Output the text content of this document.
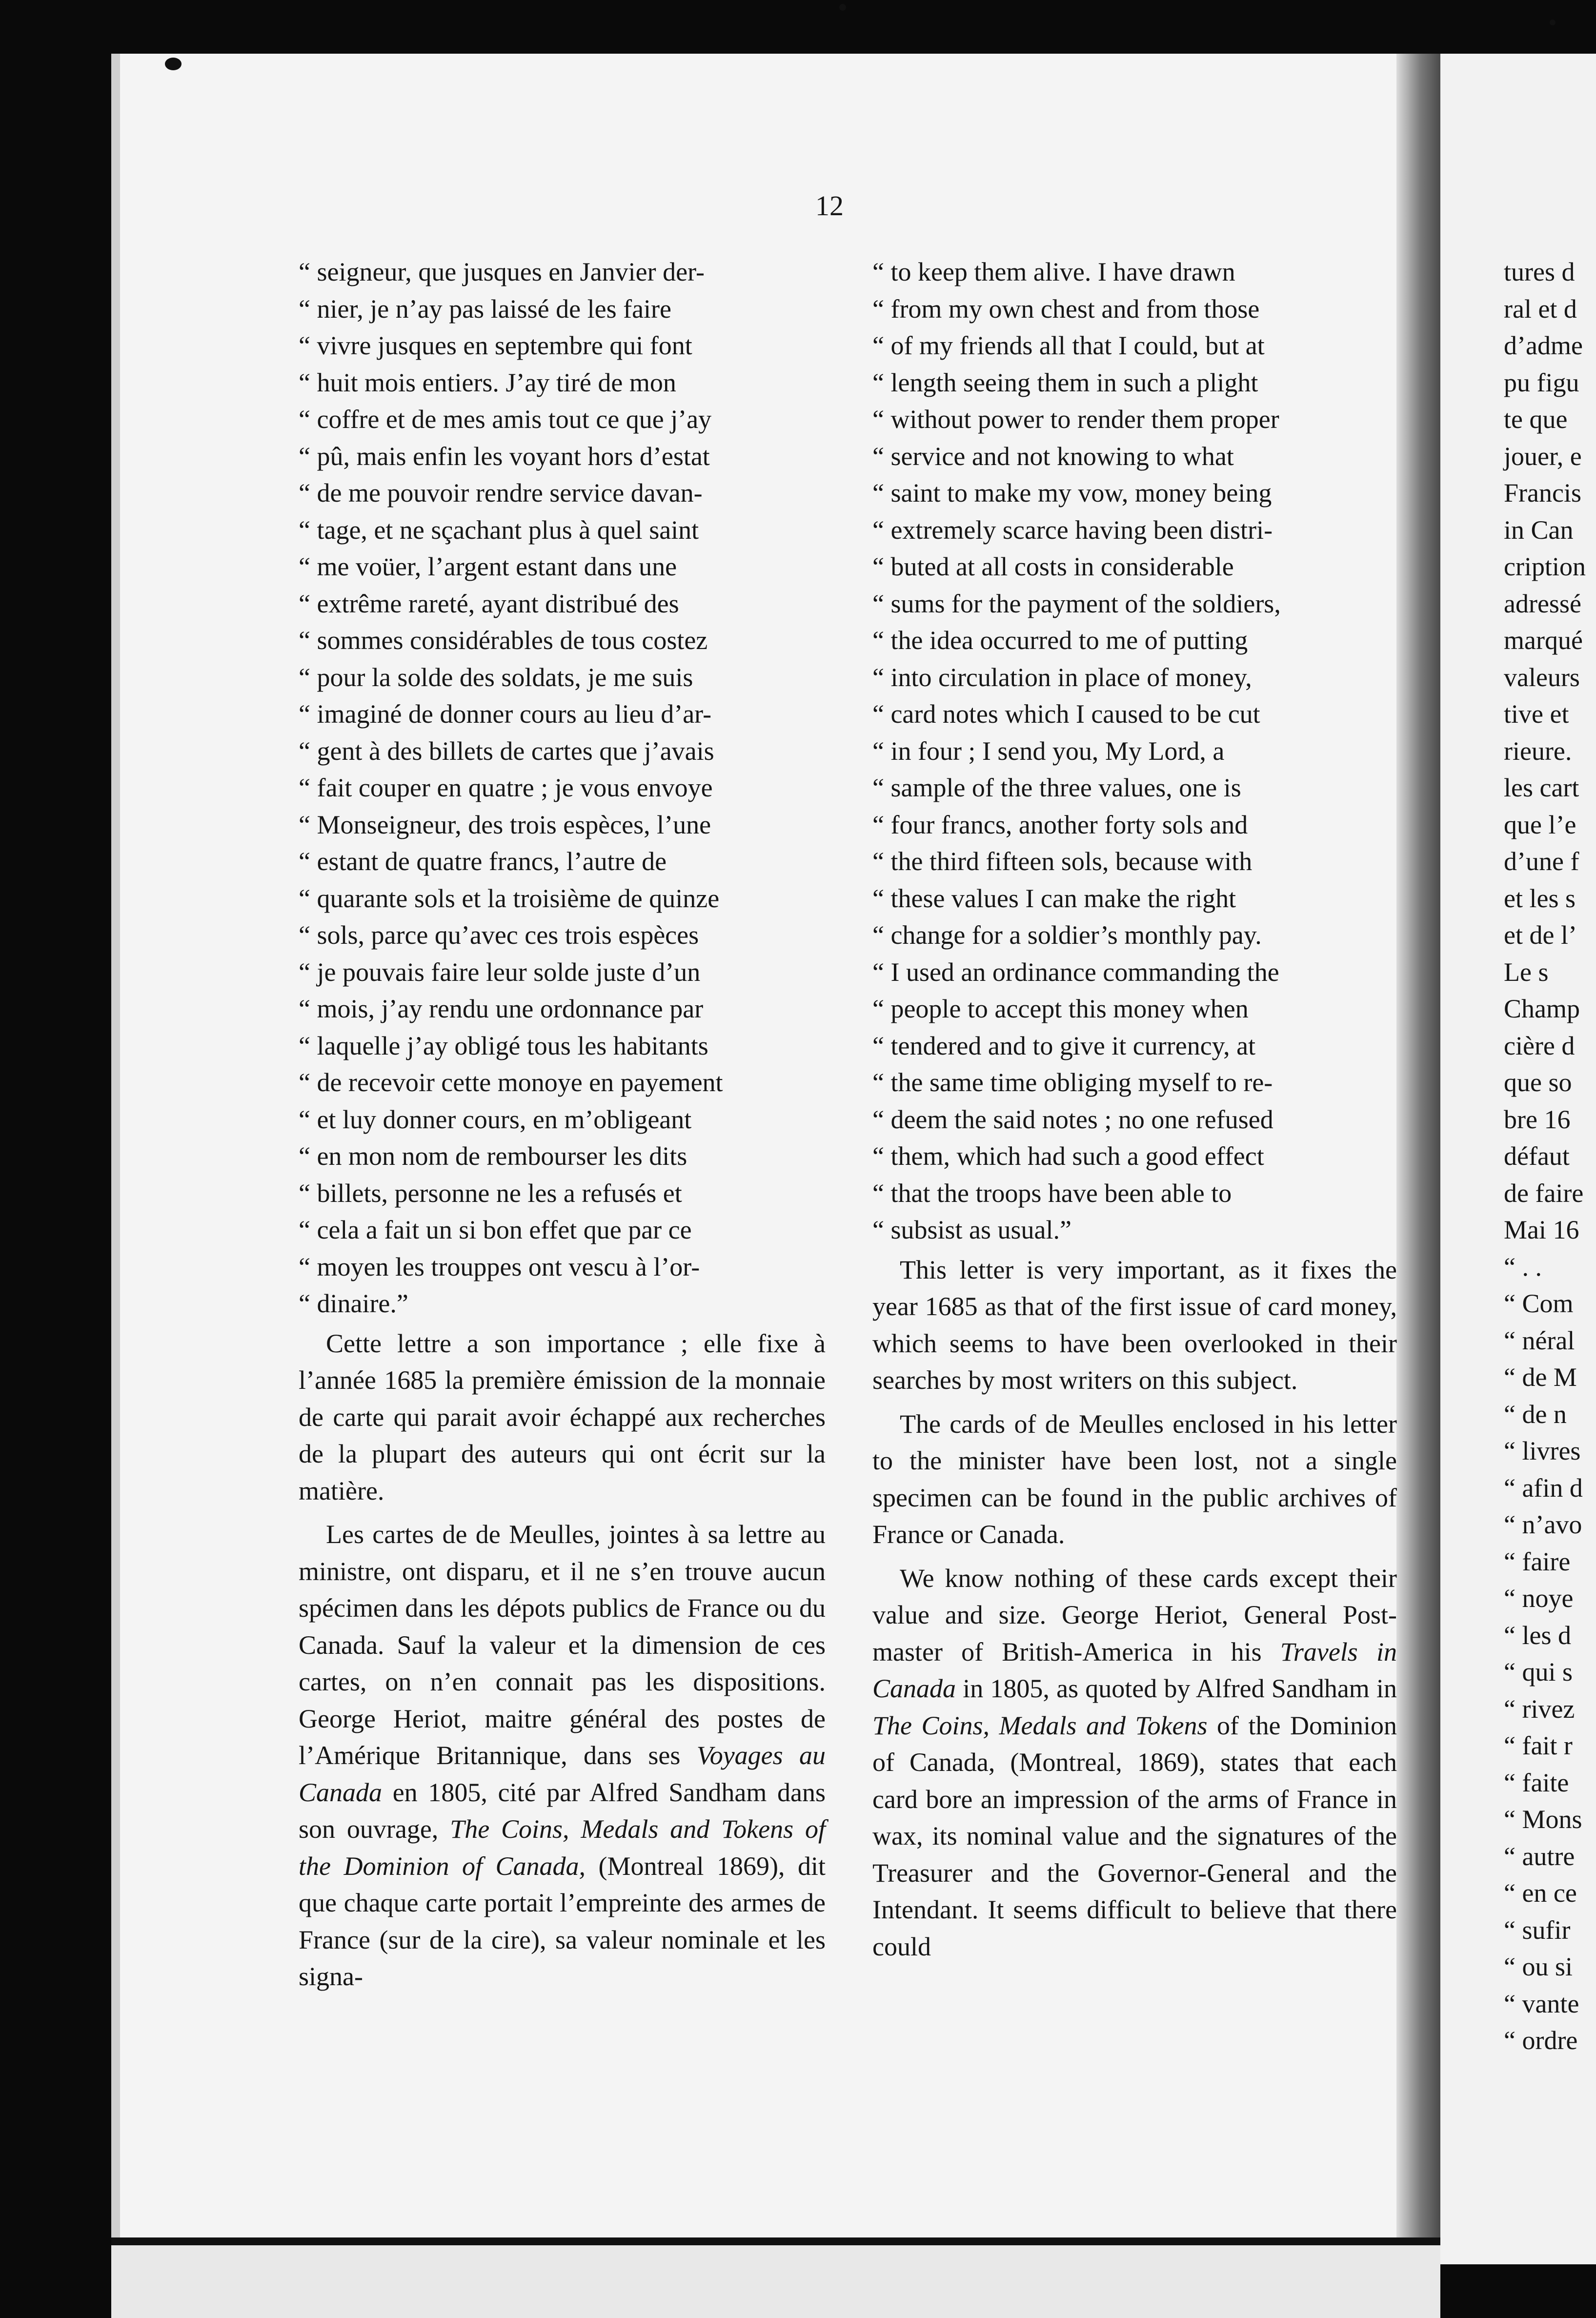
tures d
ral et d
d’adme
pu figu
te que
jouer, e
Francis
in Can
cription
adressé
marqué
valeurs
tive et
rieure.
les cart
que l’e
d’une f
et les s
et de l’
Le s
Champ
cière d
que so
bre 16
défaut
de faire
Mai 16
“ . .
“ Com
“ néral
“ de M
“ de n
“ livres
“ afin d
“ n’avo
“ faire
“ noye
“ les d
“ qui s
“ rivez
“ fait r
“ faite
“ Mons
“ autre
“ en ce
“ sufir
“ ou si
“ vante
“ ordre
12
“ seigneur, que jusques en Janvier der-
“ nier, je n’ay pas laissé de les faire
“ vivre jusques en septembre qui font
“ huit mois entiers. J’ay tiré de mon
“ coffre et de mes amis tout ce que j’ay
“ pû, mais enfin les voyant hors d’estat
“ de me pouvoir rendre service davan-
“ tage, et ne sçachant plus à quel saint
“ me voüer, l’argent estant dans une
“ extrême rareté, ayant distribué des
“ sommes considérables de tous costez
“ pour la solde des soldats, je me suis
“ imaginé de donner cours au lieu d’ar-
“ gent à des billets de cartes que j’avais
“ fait couper en quatre ; je vous envoye
“ Monseigneur, des trois espèces, l’une
“ estant de quatre francs, l’autre de
“ quarante sols et la troisième de quinze
“ sols, parce qu’avec ces trois espèces
“ je pouvais faire leur solde juste d’un
“ mois, j’ay rendu une ordonnance par
“ laquelle j’ay obligé tous les habitants
“ de recevoir cette monoye en payement
“ et luy donner cours, en m’obligeant
“ en mon nom de rembourser les dits
“ billets, personne ne les a refusés et
“ cela a fait un si bon effet que par ce
“ moyen les trouppes ont vescu à l’or-
“ dinaire.”

Cette lettre a son importance ; elle fixe à l’année 1685 la première émission de la monnaie de carte qui parait avoir échappé aux recherches de la plupart des auteurs qui ont écrit sur la matière.

Les cartes de de Meulles, jointes à sa lettre au ministre, ont disparu, et il ne s’en trouve aucun spécimen dans les dépots publics de France ou du Canada. Sauf la valeur et la dimension de ces cartes, on n’en connait pas les dispositions. George Heriot, maitre général des postes de l’Amérique Britannique, dans ses Voyages au Canada en 1805, cité par Alfred Sandham dans son ouvrage, The Coins, Medals and Tokens of the Dominion of Canada, (Montreal 1869), dit que chaque carte portait l’empreinte des armes de France (sur de la cire), sa valeur nominale et les signa-

“ to keep them alive. I have drawn
“ from my own chest and from those
“ of my friends all that I could, but at
“ length seeing them in such a plight
“ without power to render them proper
“ service and not knowing to what
“ saint to make my vow, money being
“ extremely scarce having been distri-
“ buted at all costs in considerable
“ sums for the payment of the soldiers,
“ the idea occurred to me of putting
“ into circulation in place of money,
“ card notes which I caused to be cut
“ in four ; I send you, My Lord, a
“ sample of the three values, one is
“ four francs, another forty sols and
“ the third fifteen sols, because with
“ these values I can make the right
“ change for a soldier’s monthly pay.
“ I used an ordinance commanding the
“ people to accept this money when
“ tendered and to give it currency, at
“ the same time obliging myself to re-
“ deem the said notes ; no one refused
“ them, which had such a good effect
“ that the troops have been able to
“ subsist as usual.”

This letter is very important, as it fixes the year 1685 as that of the first issue of card money, which seems to have been overlooked in their searches by most writers on this subject.

The cards of de Meulles enclosed in his letter to the minister have been lost, not a single specimen can be found in the public archives of France or Canada.

We know nothing of these cards except their value and size. George Heriot, General Post-master of British-America in his Travels in Canada in 1805, as quoted by Alfred Sandham in The Coins, Medals and Tokens of the Dominion of Canada, (Montreal, 1869), states that each card bore an impression of the arms of France in wax, its nominal value and the signatures of the Treasurer and the Governor-General and the Intendant. It seems difficult to believe that there could
